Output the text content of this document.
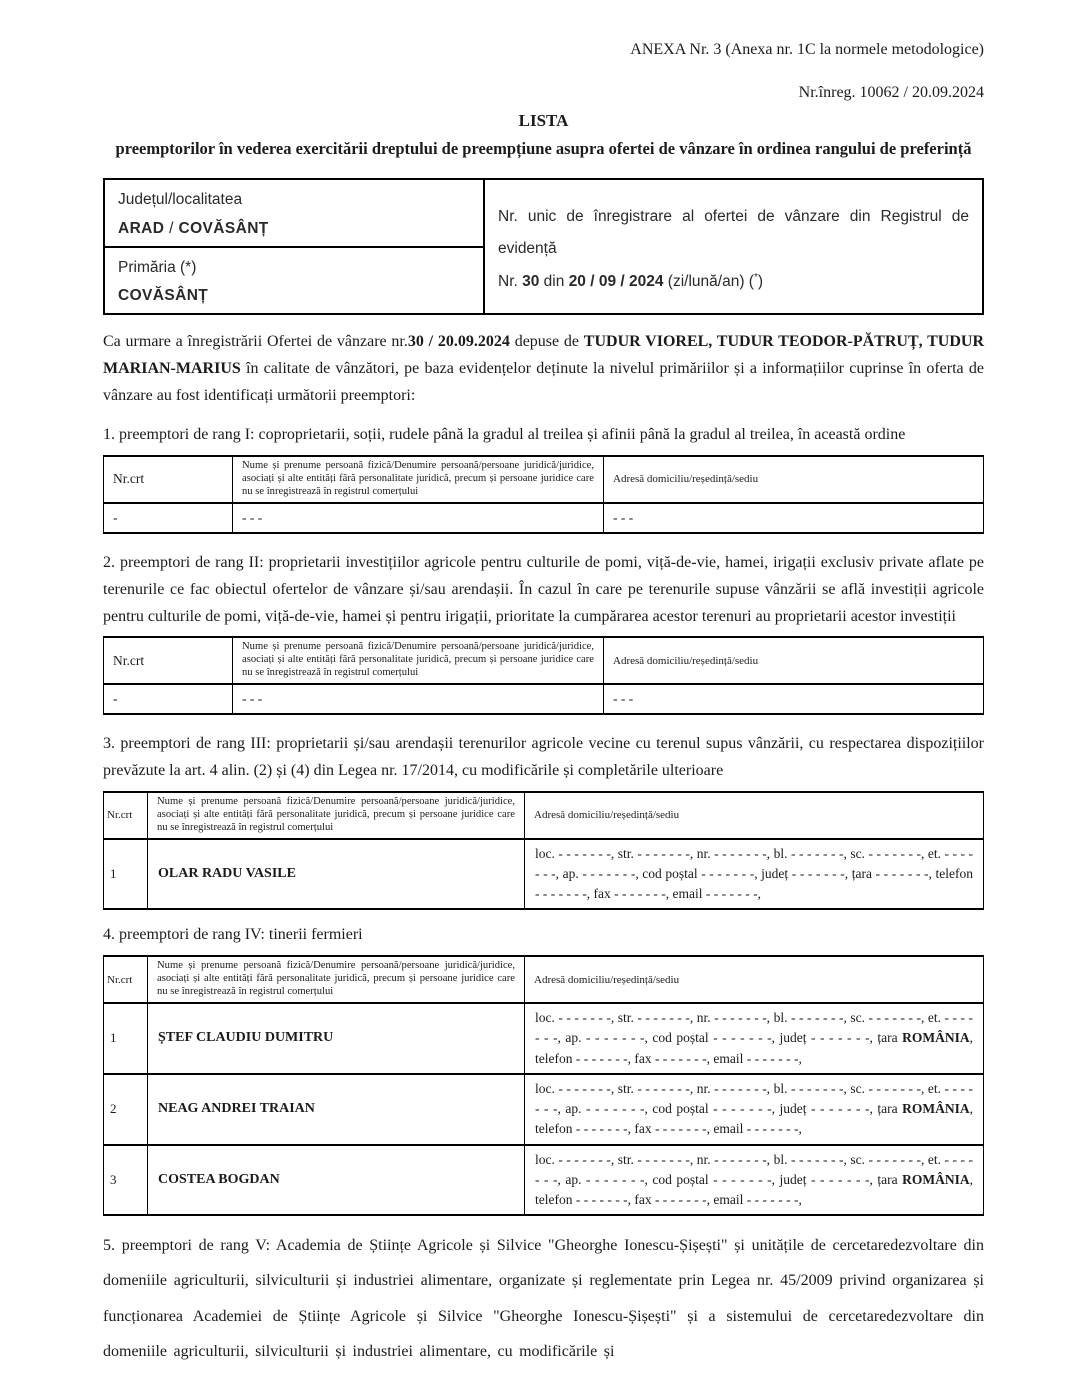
ANEXA Nr. 3 (Anexa nr. 1C la normele metodologice)
Nr.înreg. 10062 / 20.09.2024
LISTA
preemptorilor în vederea exercitării dreptului de preempțiune asupra ofertei de vânzare în ordinea rangului de preferință
Județul/localitatea
ARAD / COVĂSÂNȚ

Nr. unic de înregistrare al ofertei de vânzare din Registrul de evidență
Nr. 30 din 20 / 09 / 2024 (zi/lună/an) (*)

Primăria (*)
COVĂSÂNȚ

Ca urmare a înregistrării Ofertei de vânzare nr.30 / 20.09.2024 depuse de TUDUR VIOREL, TUDUR TEODOR-PĂTRUȚ, TUDUR MARIAN-MARIUS în calitate de vânzători, pe baza evidențelor deținute la nivelul primăriilor și a informațiilor cuprinse în oferta de vânzare au fost identificați următorii preemptori:

1. preemptori de rang I: coproprietarii, soții, rudele până la gradul al treilea și afinii până la gradul al treilea, în această ordine

Nr.crt	Nume și prenume persoană fizică/Denumire persoană/persoane juridică/juridice, asociați și alte entități fără personalitate juridică, precum și persoane juridice care nu se înregistrează în registrul comerțului	Adresă domiciliu/reședință/sediu
-	- - -	- - -

2. preemptori de rang II: proprietarii investițiilor agricole pentru culturile de pomi, viță-de-vie, hamei, irigații exclusiv private aflate pe terenurile ce fac obiectul ofertelor de vânzare și/sau arendașii. În cazul în care pe terenurile supuse vânzării se află investiții agricole pentru culturile de pomi, viță-de-vie, hamei și pentru irigații, prioritate la cumpărarea acestor terenuri au proprietarii acestor investiții

Nr.crt	Nume și prenume persoană fizică/Denumire persoană/persoane juridică/juridice, asociați și alte entități fără personalitate juridică, precum și persoane juridice care nu se înregistrează în registrul comerțului	Adresă domiciliu/reședință/sediu
-	- - -	- - -

3. preemptori de rang III: proprietarii și/sau arendașii terenurilor agricole vecine cu terenul supus vânzării, cu respectarea dispozițiilor prevăzute la art. 4 alin. (2) și (4) din Legea nr. 17/2014, cu modificările și completările ulterioare

Nr.crt	Nume și prenume persoană fizică/Denumire persoană/persoane juridică/juridice, asociați și alte entități fără personalitate juridică, precum și persoane juridice care nu se înregistrează în registrul comerțului	Adresă domiciliu/reședință/sediu
1	OLAR RADU VASILE	loc. - - - - - - -, str. - - - - - - -, nr. - - - - - - -, bl. - - - - - - -, sc. - - - - - - -, et. - - - - - - -, ap. - - - - - - -, cod poștal - - - - - - -, județ - - - - - - -, țara - - - - - - -, telefon - - - - - - -, fax - - - - - - -, email - - - - - - -,

4. preemptori de rang IV: tinerii fermieri

Nr.crt	Nume și prenume persoană fizică/Denumire persoană/persoane juridică/juridice, asociați și alte entități fără personalitate juridică, precum și persoane juridice care nu se înregistrează în registrul comerțului	Adresă domiciliu/reședință/sediu
1	ȘTEF CLAUDIU DUMITRU	loc. - - - - - - -, str. - - - - - - -, nr. - - - - - - -, bl. - - - - - - -, sc. - - - - - - -, et. - - - - - - -, ap. - - - - - - -, cod poștal - - - - - - -, județ - - - - - - -, țara ROMÂNIA, telefon - - - - - - -, fax - - - - - - -, email - - - - - - -,
2	NEAG ANDREI TRAIAN	loc. - - - - - - -, str. - - - - - - -, nr. - - - - - - -, bl. - - - - - - -, sc. - - - - - - -, et. - - - - - - -, ap. - - - - - - -, cod poștal - - - - - - -, județ - - - - - - -, țara ROMÂNIA, telefon - - - - - - -, fax - - - - - - -, email - - - - - - -,
3	COSTEA BOGDAN	loc. - - - - - - -, str. - - - - - - -, nr. - - - - - - -, bl. - - - - - - -, sc. - - - - - - -, et. - - - - - - -, ap. - - - - - - -, cod poștal - - - - - - -, județ - - - - - - -, țara ROMÂNIA, telefon - - - - - - -, fax - - - - - - -, email - - - - - - -,

5. preemptori de rang V: Academia de Științe Agricole și Silvice "Gheorghe Ionescu-Șișești" și unitățile de cercetaredezvoltare din domeniile agriculturii, silviculturii și industriei alimentare, organizate și reglementate prin Legea nr. 45/2009 privind organizarea și funcționarea Academiei de Științe Agricole și Silvice "Gheorghe Ionescu-Șișești" și a sistemului de cercetaredezvoltare din domeniile agriculturii, silviculturii și industriei alimentare, cu modificările și
